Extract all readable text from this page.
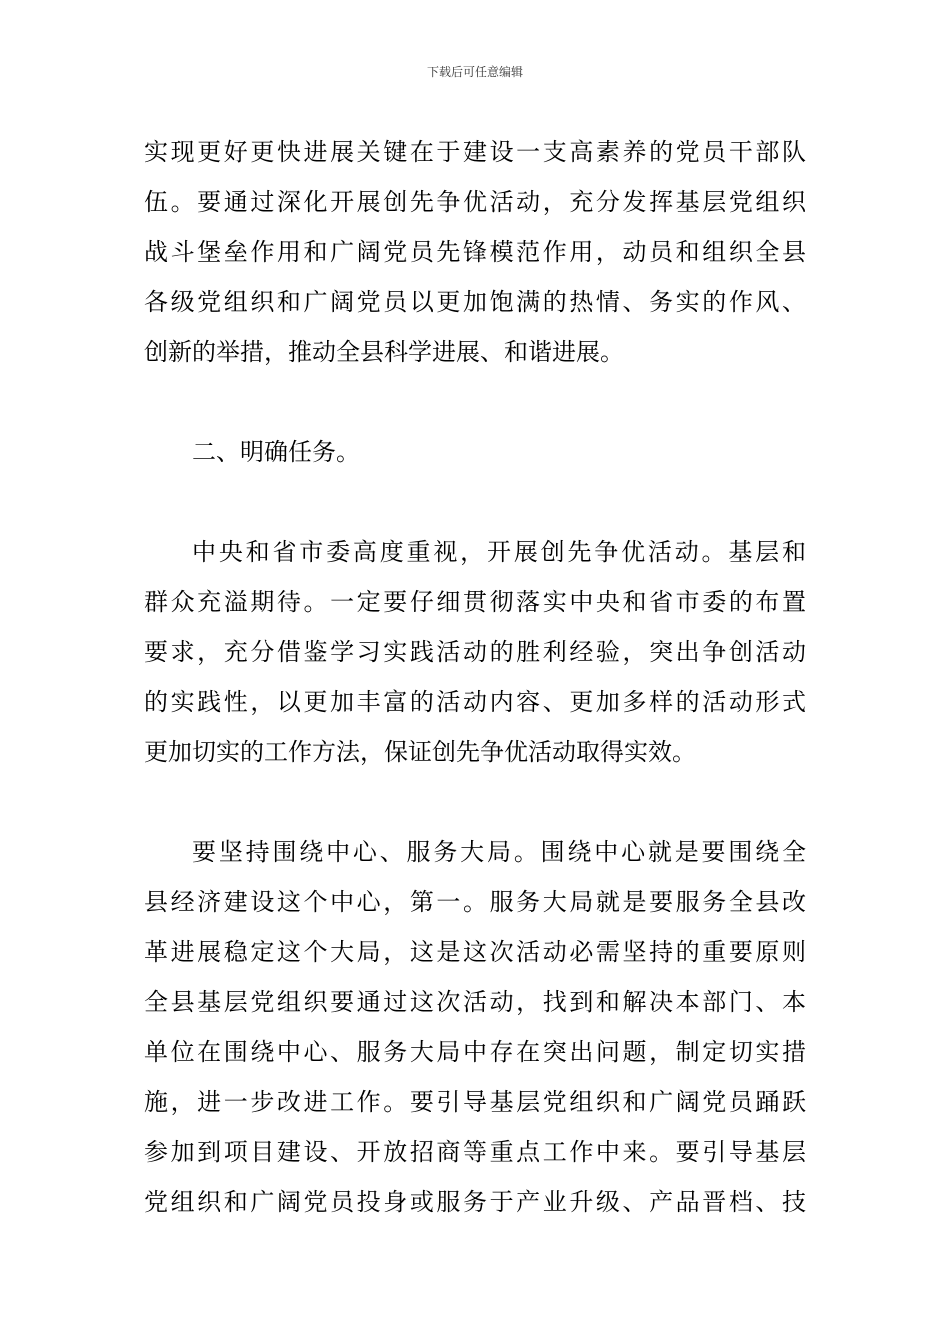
下载后可任意编辑
实现更好更快进展关键在于建设一支高素养的党员干部队
伍。要通过深化开展创先争优活动，充分发挥基层党组织
战斗堡垒作用和广阔党员先锋模范作用，动员和组织全县
各级党组织和广阔党员以更加饱满的热情、务实的作风、
创新的举措，推动全县科学进展、和谐进展。
二、明确任务。
中央和省市委高度重视，开展创先争优活动。基层和
群众充溢期待。一定要仔细贯彻落实中央和省市委的布置
要求，充分借鉴学习实践活动的胜利经验，突出争创活动
的实践性，以更加丰富的活动内容、更加多样的活动形式
更加切实的工作方法，保证创先争优活动取得实效。
要坚持围绕中心、服务大局。围绕中心就是要围绕全
县经济建设这个中心，第一。服务大局就是要服务全县改
革进展稳定这个大局，这是这次活动必需坚持的重要原则
全县基层党组织要通过这次活动，找到和解决本部门、本
单位在围绕中心、服务大局中存在突出问题，制定切实措
施，进一步改进工作。要引导基层党组织和广阔党员踊跃
参加到项目建设、开放招商等重点工作中来。要引导基层
党组织和广阔党员投身或服务于产业升级、产品晋档、技
